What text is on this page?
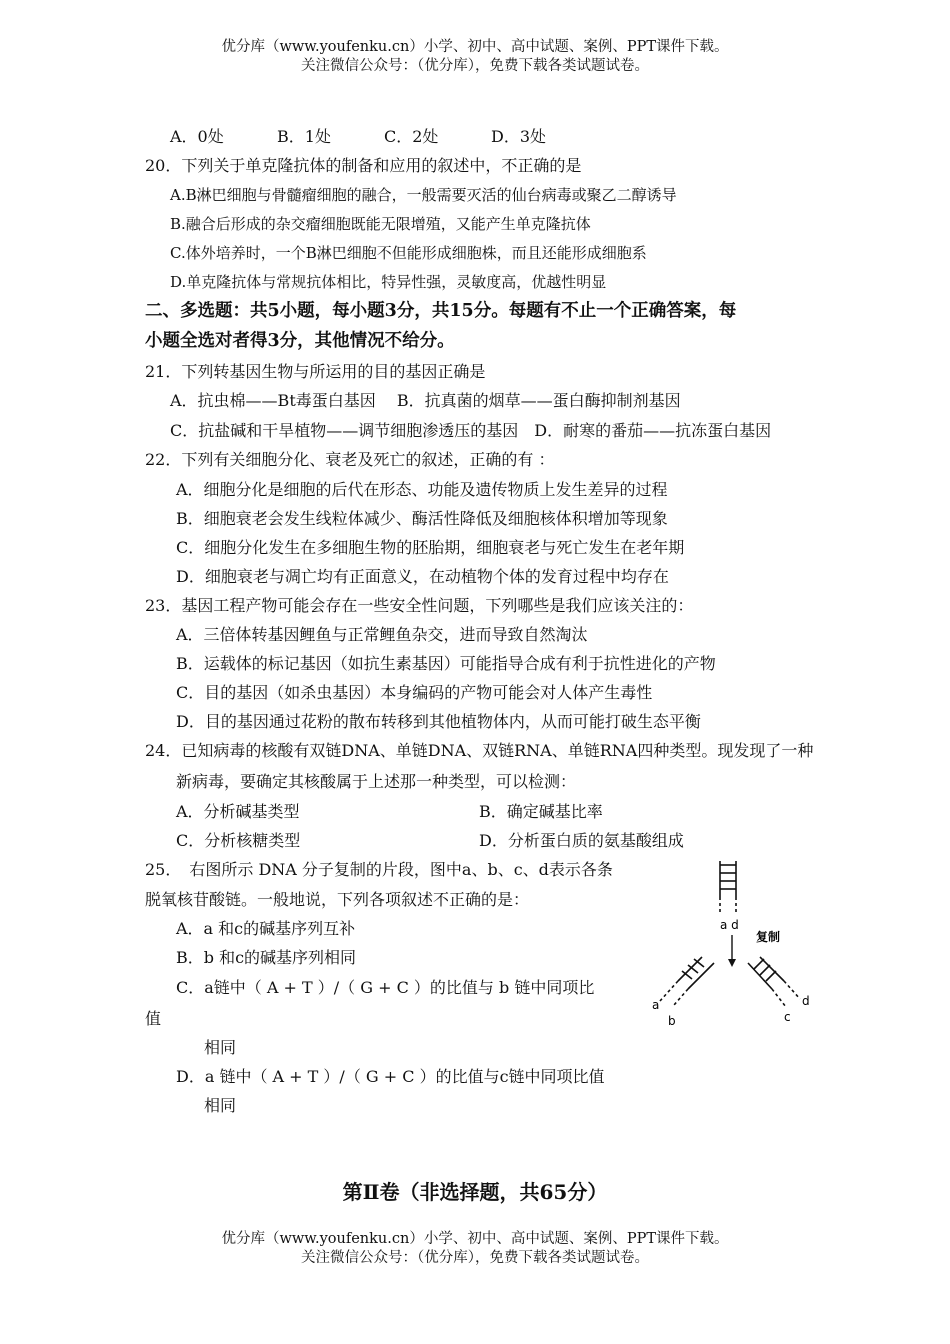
优分库（www.youfenku.cn）小学、初中、高中试题、案例、PPT课件下载。
关注微信公众号：（优分库），免费下载各类试题试卷。
A．0处	B．1处	C．2处	D．3处
20．下列关于单克隆抗体的制备和应用的叙述中，不正确的是
A.B淋巴细胞与骨髓瘤细胞的融合，一般需要灭活的仙台病毒或聚乙二醇诱导
B.融合后形成的杂交瘤细胞既能无限增殖，又能产生单克隆抗体
C.体外培养时，一个B淋巴细胞不但能形成细胞株，而且还能形成细胞系
D.单克隆抗体与常规抗体相比，特异性强，灵敏度高，优越性明显
二、多选题：共5小题，每小题3分，共15分。每题有不止一个正确答案，每
小题全选对者得3分，其他情况不给分。
21．下列转基因生物与所运用的目的基因正确是
A．抗虫棉——Bt毒蛋白基因　 B．抗真菌的烟草——蛋白酶抑制剂基因
C．抗盐碱和干旱植物——调节细胞渗透压的基因　D．耐寒的番茄——抗冻蛋白基因
22．下列有关细胞分化、衰老及死亡的叙述，正确的有 ：
A．细胞分化是细胞的后代在形态、功能及遗传物质上发生差异的过程
B．细胞衰老会发生线粒体减少、酶活性降低及细胞核体积增加等现象
C．细胞分化发生在多细胞生物的胚胎期，细胞衰老与死亡发生在老年期
D．细胞衰老与凋亡均有正面意义，在动植物个体的发育过程中均存在
23．基因工程产物可能会存在一些安全性问题，下列哪些是我们应该关注的：
A．三倍体转基因鲤鱼与正常鲤鱼杂交，进而导致自然淘汰
B．运载体的标记基因（如抗生素基因）可能指导合成有利于抗性进化的产物
C．目的基因（如杀虫基因）本身编码的产物可能会对人体产生毒性
D．目的基因通过花粉的散布转移到其他植物体内，从而可能打破生态平衡
24．已知病毒的核酸有双链DNA、单链DNA、双链RNA、单链RNA四种类型。现发现了一种
新病毒，要确定其核酸属于上述那一种类型，可以检测：
A．分析碱基类型	B．确定碱基比率
C．分析核糖类型	D．分析蛋白质的氨基酸组成
25．　右图所示 DNA 分子复制的片段，图中a、b、c、d表示各条
脱氧核苷酸链。一般地说，下列各项叙述不正确的是：
A．a 和c的碱基序列互补
B．b 和c的碱基序列相同
C．a链中（ A + T ）/（ G + C ）的比值与 b 链中同项比
值
相同
D．a 链中（ A + T ）/（ G + C ）的比值与c链中同项比值
相同
a d
复制
a
b
d
c
第Ⅱ卷（非选择题，共65分）
优分库（www.youfenku.cn）小学、初中、高中试题、案例、PPT课件下载。
关注微信公众号：（优分库），免费下载各类试题试卷。
